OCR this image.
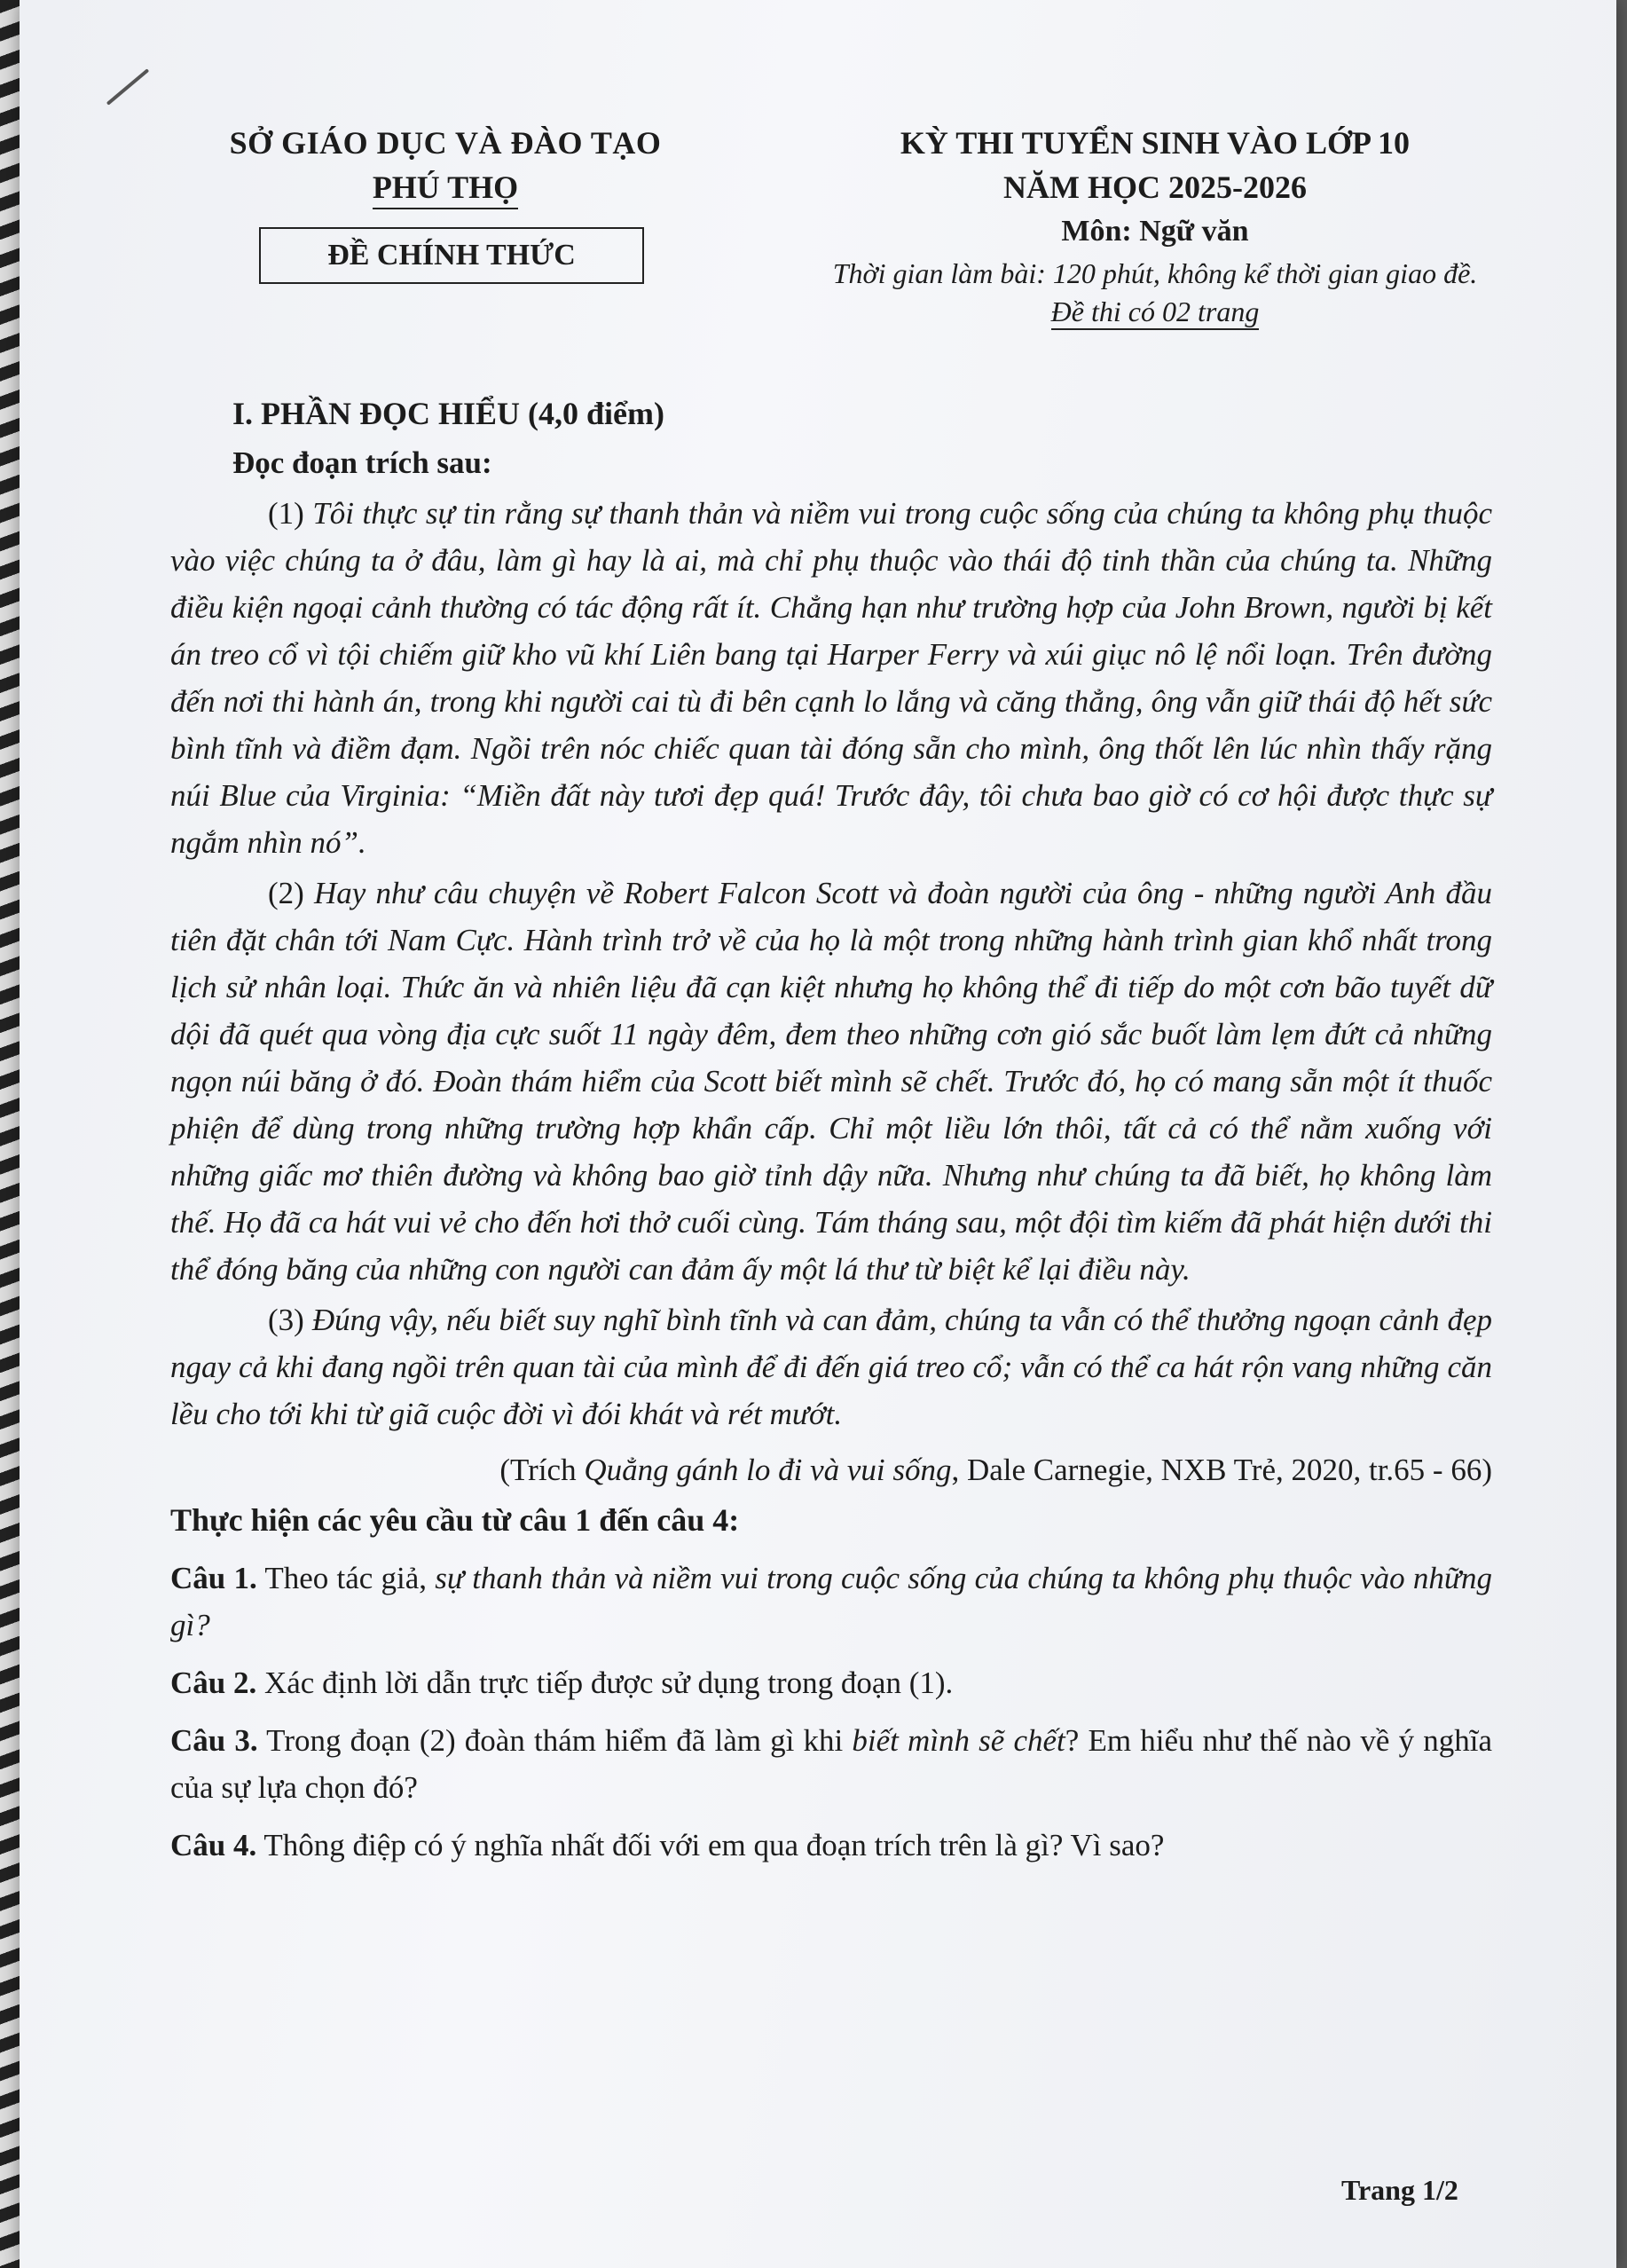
SỞ GIÁO DỤC VÀ ĐÀO TẠO
PHÚ THỌ
ĐỀ CHÍNH THỨC
KỲ THI TUYỂN SINH VÀO LỚP 10
NĂM HỌC 2025-2026
Môn: Ngữ văn
Thời gian làm bài: 120 phút, không kể thời gian giao đề.
Đề thi có 02 trang
I. PHẦN ĐỌC HIỂU (4,0 điểm)
Đọc đoạn trích sau:

(1) Tôi thực sự tin rằng sự thanh thản và niềm vui trong cuộc sống của chúng ta không phụ thuộc vào việc chúng ta ở đâu, làm gì hay là ai, mà chỉ phụ thuộc vào thái độ tinh thần của chúng ta. Những điều kiện ngoại cảnh thường có tác động rất ít. Chẳng hạn như trường hợp của John Brown, người bị kết án treo cổ vì tội chiếm giữ kho vũ khí Liên bang tại Harper Ferry và xúi giục nô lệ nổi loạn. Trên đường đến nơi thi hành án, trong khi người cai tù đi bên cạnh lo lắng và căng thẳng, ông vẫn giữ thái độ hết sức bình tĩnh và điềm đạm. Ngồi trên nóc chiếc quan tài đóng sẵn cho mình, ông thốt lên lúc nhìn thấy rặng núi Blue của Virginia: “Miền đất này tươi đẹp quá! Trước đây, tôi chưa bao giờ có cơ hội được thực sự ngắm nhìn nó”.

(2) Hay như câu chuyện về Robert Falcon Scott và đoàn người của ông - những người Anh đầu tiên đặt chân tới Nam Cực. Hành trình trở về của họ là một trong những hành trình gian khổ nhất trong lịch sử nhân loại. Thức ăn và nhiên liệu đã cạn kiệt nhưng họ không thể đi tiếp do một cơn bão tuyết dữ dội đã quét qua vòng địa cực suốt 11 ngày đêm, đem theo những cơn gió sắc buốt làm lẹm đứt cả những ngọn núi băng ở đó. Đoàn thám hiểm của Scott biết mình sẽ chết. Trước đó, họ có mang sẵn một ít thuốc phiện để dùng trong những trường hợp khẩn cấp. Chỉ một liều lớn thôi, tất cả có thể nằm xuống với những giấc mơ thiên đường và không bao giờ tỉnh dậy nữa. Nhưng như chúng ta đã biết, họ không làm thế. Họ đã ca hát vui vẻ cho đến hơi thở cuối cùng. Tám tháng sau, một đội tìm kiếm đã phát hiện dưới thi thể đóng băng của những con người can đảm ấy một lá thư từ biệt kể lại điều này.

(3) Đúng vậy, nếu biết suy nghĩ bình tĩnh và can đảm, chúng ta vẫn có thể thưởng ngoạn cảnh đẹp ngay cả khi đang ngồi trên quan tài của mình để đi đến giá treo cổ; vẫn có thể ca hát rộn vang những căn lều cho tới khi từ giã cuộc đời vì đói khát và rét mướt.

(Trích Quẳng gánh lo đi và vui sống, Dale Carnegie, NXB Trẻ, 2020, tr.65 - 66)
Thực hiện các yêu cầu từ câu 1 đến câu 4:
Câu 1. Theo tác giả, sự thanh thản và niềm vui trong cuộc sống của chúng ta không phụ thuộc vào những gì?
Câu 2. Xác định lời dẫn trực tiếp được sử dụng trong đoạn (1).
Câu 3. Trong đoạn (2) đoàn thám hiểm đã làm gì khi biết mình sẽ chết? Em hiểu như thế nào về ý nghĩa của sự lựa chọn đó?
Câu 4. Thông điệp có ý nghĩa nhất đối với em qua đoạn trích trên là gì? Vì sao?
Trang 1/2
